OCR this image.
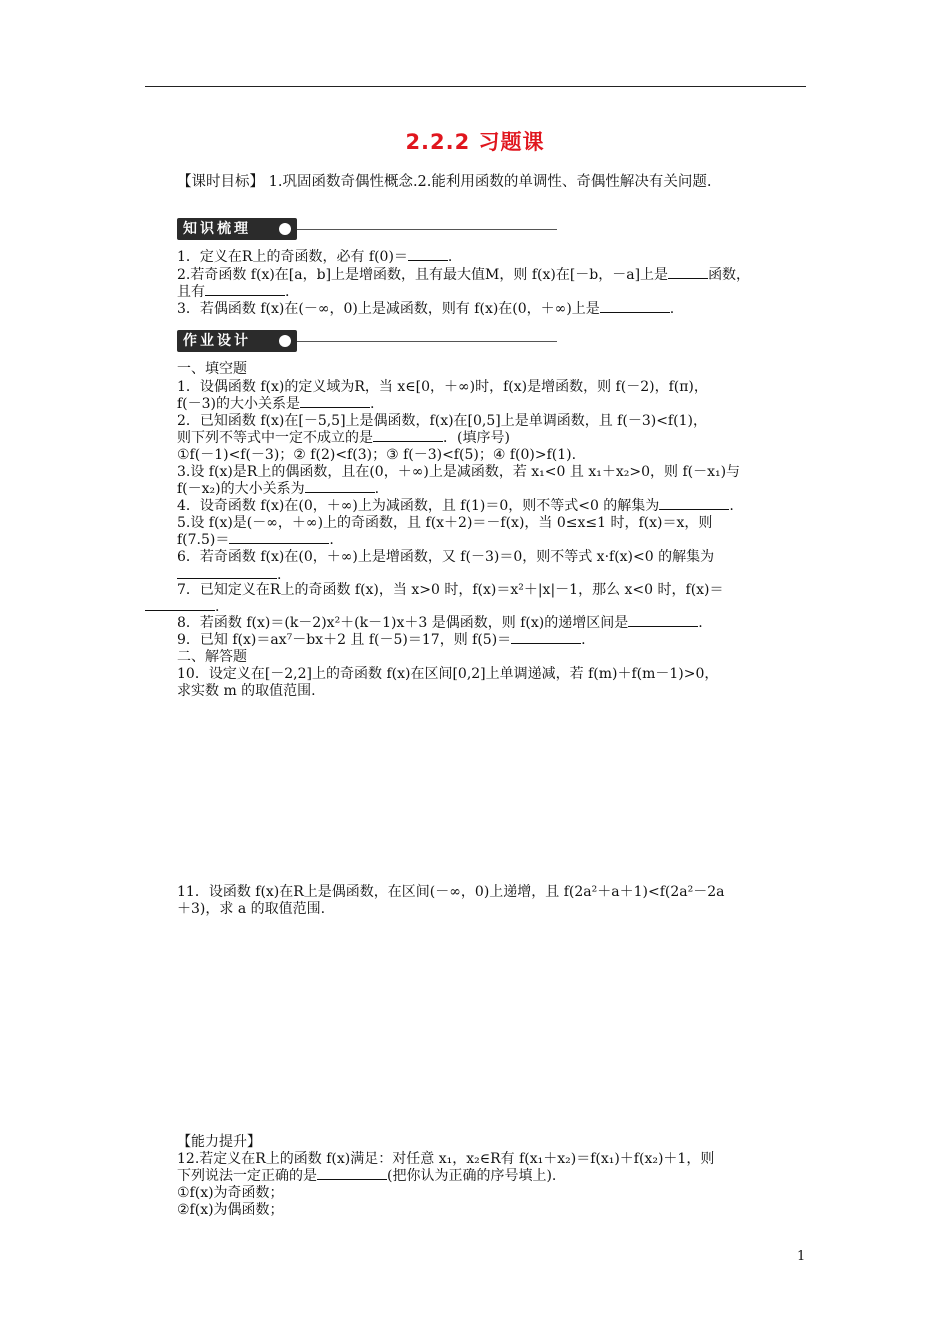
2.2.2 习题课
【课时目标】 1.巩固函数奇偶性概念.2.能利用函数的单调性、奇偶性解决有关问题.
知识梳理
1．定义在R上的奇函数，必有 f(0)＝	.
2.若奇函数 f(x)在[a，b]上是增函数，且有最大值M，则 f(x)在[－b，－a]上是	函数，
且有	.
3．若偶函数 f(x)在(－∞，0)上是减函数，则有 f(x)在(0，＋∞)上是	.
作业设计
一、填空题
1．设偶函数 f(x)的定义域为R，当 x∈[0，＋∞)时，f(x)是增函数，则 f(－2)，f(π)，
f(－3)的大小关系是	.
2．已知函数 f(x)在[－5,5]上是偶函数，f(x)在[0,5]上是单调函数，且 f(－3)<f(1)，
则下列不等式中一定不成立的是	．(填序号)
①f(－1)<f(－3)；② f(2)<f(3)；③ f(－3)<f(5)；④ f(0)>f(1).
3.设 f(x)是R上的偶函数，且在(0，＋∞)上是减函数，若 x₁<0 且 x₁＋x₂>0，则 f(－x₁)与
f(－x₂)的大小关系为	.
4．设奇函数 f(x)在(0，＋∞)上为减函数，且 f(1)＝0，则不等式<0 的解集为	.
5.设 f(x)是(－∞，＋∞)上的奇函数，且 f(x＋2)＝－f(x)，当 0≤x≤1 时，f(x)＝x，则
f(7.5)＝	.
6．若奇函数 f(x)在(0，＋∞)上是增函数，又 f(－3)＝0，则不等式 x·f(x)<0 的解集为
.
7．已知定义在R上的奇函数 f(x)，当 x>0 时，f(x)＝x²＋|x|－1，那么 x<0 时，f(x)＝
.
8．若函数 f(x)＝(k－2)x²＋(k－1)x＋3 是偶函数，则 f(x)的递增区间是	.
9．已知 f(x)＝ax⁷－bx＋2 且 f(－5)＝17，则 f(5)＝	.
二、解答题
10．设定义在[－2,2]上的奇函数 f(x)在区间[0,2]上单调递减，若 f(m)＋f(m－1)>0，
求实数 m 的取值范围.
11．设函数 f(x)在R上是偶函数，在区间(－∞，0)上递增，且 f(2a²＋a＋1)<f(2a²－2a
＋3)，求 a 的取值范围.
【能力提升】
12.若定义在R上的函数 f(x)满足：对任意 x₁，x₂∈R有 f(x₁＋x₂)＝f(x₁)＋f(x₂)＋1，则
下列说法一定正确的是	(把你认为正确的序号填上).
①f(x)为奇函数；
②f(x)为偶函数；
1
